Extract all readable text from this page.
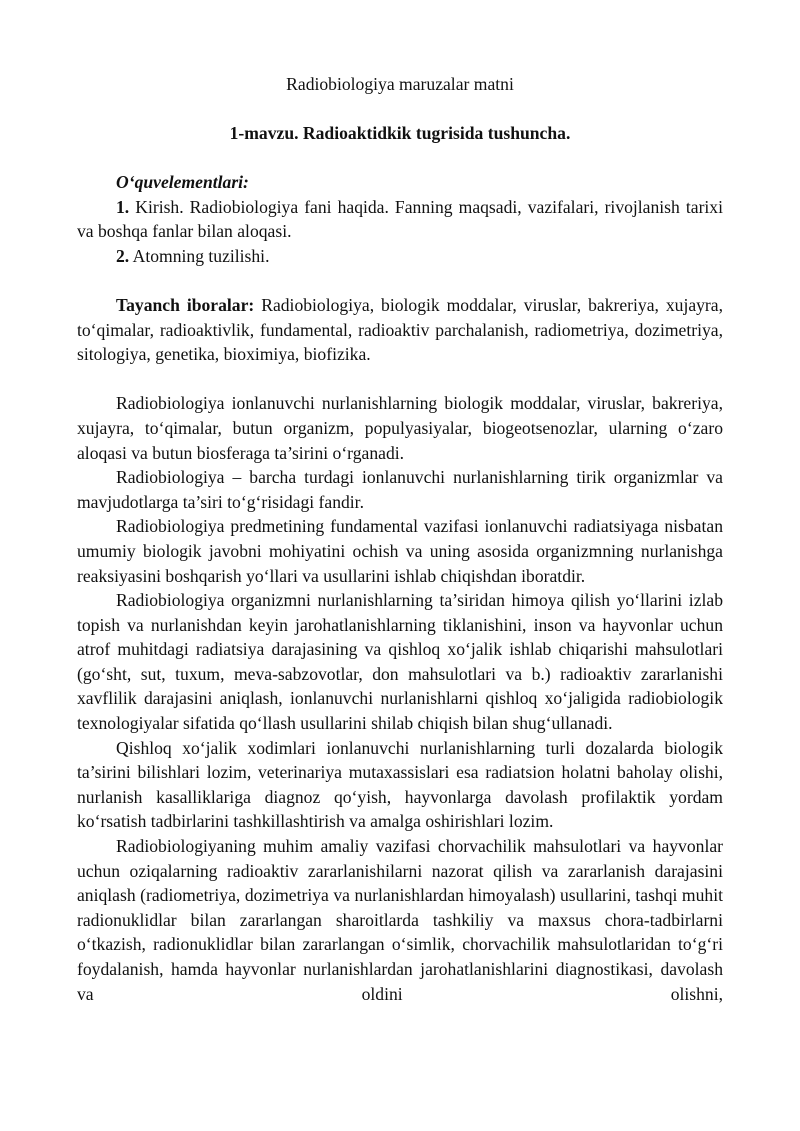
Radiobiologiya maruzalar matni
1-mavzu. Radioaktidkik tugrisida tushuncha.

O‘quvelementlari:

1. Kirish. Radiobiologiya fani haqida. Fanning maqsadi, vazifalari, rivojlanish tarixi va boshqa fanlar bilan aloqasi.

2. Atomning tuzilishi.

Tayanch iboralar: Radiobiologiya, biologik moddalar, viruslar, bakreriya, xujayra, to‘qimalar, radioaktivlik, fundamental, radioaktiv parchalanish, radiometriya, dozimetriya, sitologiya, genetika, bioximiya, biofizika.

Radiobiologiya ionlanuvchi nurlanishlarning biologik moddalar, viruslar, bakreriya, xujayra, to‘qimalar, butun organizm, populyasiyalar, biogeotsenozlar, ularning o‘zaro aloqasi va butun biosferaga ta’sirini o‘rganadi.

Radiobiologiya – barcha turdagi ionlanuvchi nurlanishlarning tirik organizmlar va mavjudotlarga ta’siri to‘g‘risidagi fandir.

Radiobiologiya predmetining fundamental vazifasi ionlanuvchi radiatsiyaga nisbatan umumiy biologik javobni mohiyatini ochish va uning asosida organizmning nurlanishga reaksiyasini boshqarish yo‘llari va usullarini ishlab chiqishdan iboratdir.

Radiobiologiya organizmni nurlanishlarning ta’siridan himoya qilish yo‘llarini izlab topish va nurlanishdan keyin jarohatlanishlarning tiklanishini, inson va hayvonlar uchun atrof muhitdagi radiatsiya darajasining va qishloq xo‘jalik ishlab chiqarishi mahsulotlari (go‘sht, sut, tuxum, meva-sabzovotlar, don mahsulotlari va b.) radioaktiv zararlanishi xavflilik darajasini aniqlash, ionlanuvchi nurlanishlarni qishloq xo‘jaligida radiobiologik texnologiyalar sifatida qo‘llash usullarini shilab chiqish bilan shug‘ullanadi.

Qishloq xo‘jalik xodimlari ionlanuvchi nurlanishlarning turli dozalarda biologik ta’sirini bilishlari lozim, veterinariya mutaxassislari esa radiatsion holatni baholay olishi, nurlanish kasalliklariga diagnoz qo‘yish, hayvonlarga davolash profilaktik yordam ko‘rsatish tadbirlarini tashkillashtirish va amalga oshirishlari lozim.

Radiobiologiyaning muhim amaliy vazifasi chorvachilik mahsulotlari va hayvonlar uchun oziqalarning radioaktiv zararlanishilarni nazorat qilish va zararlanish darajasini aniqlash (radiometriya, dozimetriya va nurlanishlardan himoyalash) usullarini, tashqi muhit radionuklidlar bilan zararlangan sharoitlarda tashkiliy va maxsus chora-tadbirlarni o‘tkazish, radionuklidlar bilan zararlangan o‘simlik, chorvachilik mahsulotlaridan to‘g‘ri foydalanish, hamda hayvonlar nurlanishlardan jarohatlanishlarini diagnostikasi, davolash va oldini olishni,
